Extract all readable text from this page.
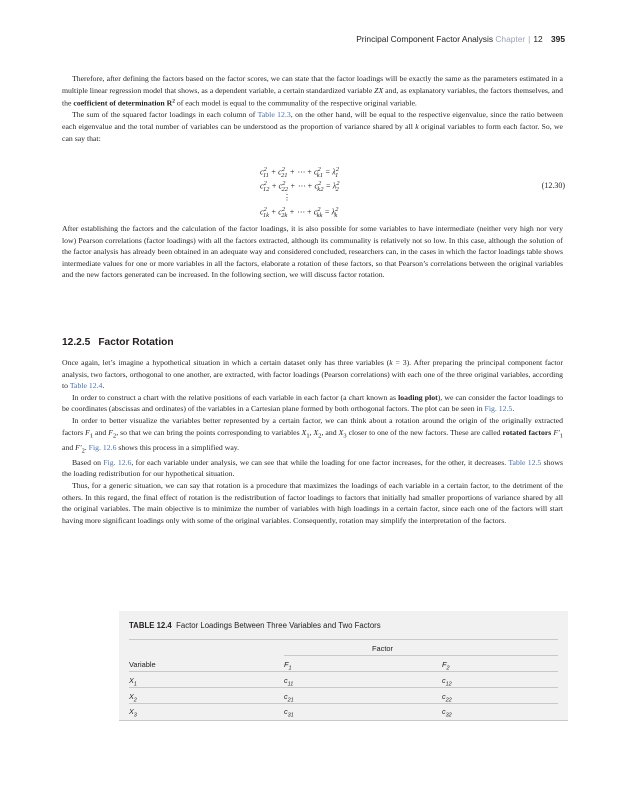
Principal Component Factor Analysis Chapter | 12 395

Therefore, after defining the factors based on the factor scores, we can state that the factor loadings will be exactly the same as the parameters estimated in a multiple linear regression model that shows, as a dependent variable, a certain standardized variable ZX and, as explanatory variables, the factors themselves, and the coefficient of determination $R^2$ of each model is equal to the communality of the respective original variable.

The sum of the squared factor loadings in each column of Table 12.3, on the other hand, will be equal to the respective eigenvalue, since the ratio between each eigenvalue and the total number of variables can be understood as the proportion of variance shared by all k original variables to form each factor. So, we can say that:

$c^2_{11} + c^2_{21}$ + ⋯ + $c^2_{k1} = \lambda^2_1$
$c^2_{12} + c^2_{22}$ + ⋯ + $c^2_{k2} = \lambda^2_2$
⋮
$c^2_{1k} + c^2_{2k}$ + ⋯ + $c^2_{kk} = \lambda^2_k$
(12.30)

After establishing the factors and the calculation of the factor loadings, it is also possible for some variables to have intermediate (neither very high nor very low) Pearson correlations (factor loadings) with all the factors extracted, although its communality is relatively not so low. In this case, although the solution of the factor analysis has already been obtained in an adequate way and considered concluded, researchers can, in the cases in which the factor loadings table shows intermediate values for one or more variables in all the factors, elaborate a rotation of these factors, so that Pearson’s correlations between the original variables and the new factors generated can be increased. In the following section, we will discuss factor rotation.

12.2.5 Factor Rotation

Once again, let’s imagine a hypothetical situation in which a certain dataset only has three variables (k = 3). After preparing the principal component factor analysis, two factors, orthogonal to one another, are extracted, with factor loadings (Pearson correlations) with each one of the three original variables, according to Table 12.4.

In order to construct a chart with the relative positions of each variable in each factor (a chart known as loading plot), we can consider the factor loadings to be coordinates (abscissas and ordinates) of the variables in a Cartesian plane formed by both orthogonal factors. The plot can be seen in Fig. 12.5.

In order to better visualize the variables better represented by a certain factor, we can think about a rotation around the origin of the originally extracted factors $F_1$ and $F_2$, so that we can bring the points corresponding to variables $X_1$, $X_2$, and $X_3$ closer to one of the new factors. These are called rotated factors $F'_1$ and $F'_2$. Fig. 12.6 shows this process in a simplified way.

Based on Fig. 12.6, for each variable under analysis, we can see that while the loading for one factor increases, for the other, it decreases. Table 12.5 shows the loading redistribution for our hypothetical situation.

Thus, for a generic situation, we can say that rotation is a procedure that maximizes the loadings of each variable in a certain factor, to the detriment of the others. In this regard, the final effect of rotation is the redistribution of factor loadings to factors that initially had smaller proportions of variance shared by all the original variables. The main objective is to minimize the number of variables with high loadings in a certain factor, since each one of the factors will start having more significant loadings only with some of the original variables. Consequently, rotation may simplify the interpretation of the factors.

TABLE 12.4 Factor Loadings Between Three Variables and Two Factors
Factor
Variable	$F_1$	$F_2$
$X_1$	$c_{11}$	$c_{12}$
$X_2$	$c_{21}$	$c_{22}$
$X_3$	$c_{31}$	$c_{32}$
